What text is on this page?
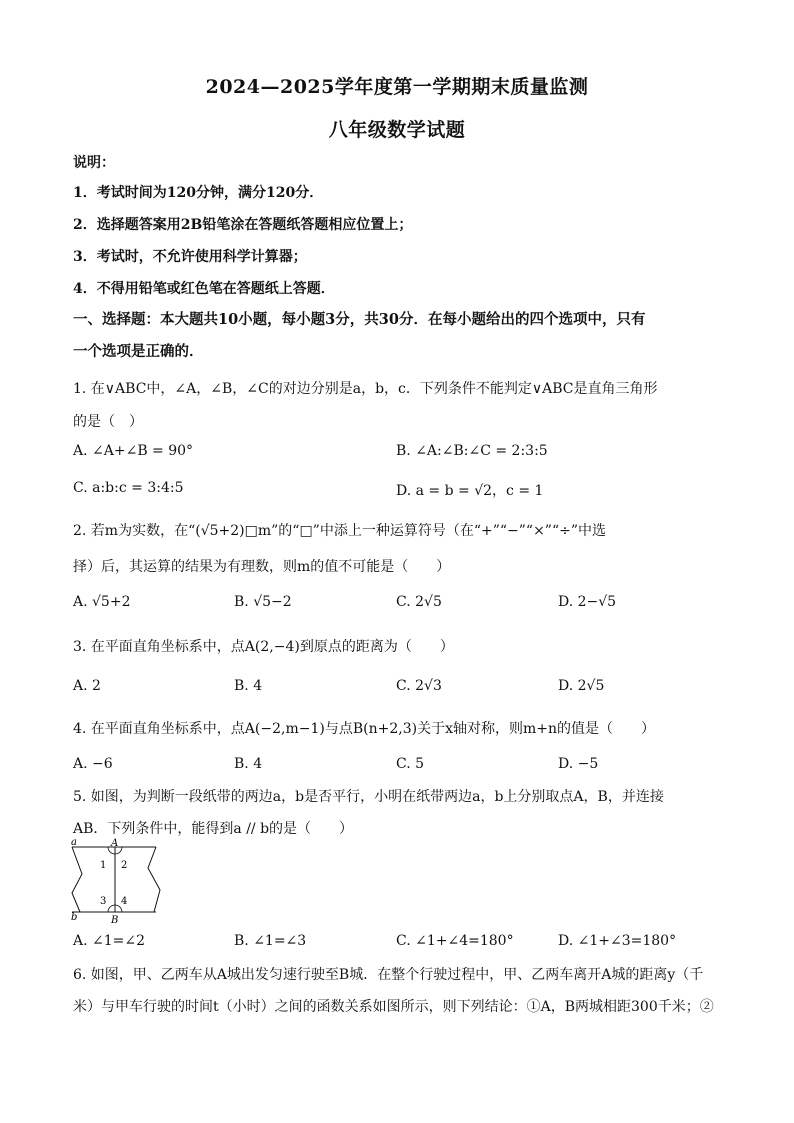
2024—2025学年度第一学期期末质量监测
八年级数学试题
说明：
1．考试时间为120分钟，满分120分．
2．选择题答案用2B铅笔涂在答题纸答题相应位置上；
3．考试时，不允许使用科学计算器；
4．不得用铅笔或红色笔在答题纸上答题．
一、选择题：本大题共10小题，每小题3分，共30分．在每小题给出的四个选项中，只有
一个选项是正确的．
1. 在∨ABC中，∠A，∠B，∠C的对边分别是a，b，c．下列条件不能判定∨ABC是直角三角形
的是（　）
A. ∠A+∠B = 90°	B. ∠A:∠B:∠C = 2:3:5
C. a:b:c = 3:4:5	D. a = b = √2，c = 1
2. 若m为实数，在“(√5+2)□m”的“□”中添上一种运算符号（在“+”“−”“×”“÷”中选
择）后，其运算的结果为有理数，则m的值不可能是（　　）
A. √5+2	B. √5−2	C. 2√5	D. 2−√5
3. 在平面直角坐标系中，点A(2,−4)到原点的距离为（　　）
A. 2	B. 4	C. 2√3	D. 2√5
4. 在平面直角坐标系中，点A(−2,m−1)与点B(n+2,3)关于x轴对称，则m+n的值是（　　）
A. −6	B. 4	C. 5	D. −5
5. 如图，为判断一段纸带的两边a，b是否平行，小明在纸带两边a，b上分别取点A，B，并连接
AB．下列条件中，能得到a // b的是（　　）
a
b
A
B
1 2
3 4
A. ∠1=∠2	B. ∠1=∠3	C. ∠1+∠4=180°	D. ∠1+∠3=180°
6. 如图，甲、乙两车从A城出发匀速行驶至B城．在整个行驶过程中，甲、乙两车离开A城的距离y（千
米）与甲车行驶的时间t（小时）之间的函数关系如图所示，则下列结论：①A，B两城相距300千米；②
